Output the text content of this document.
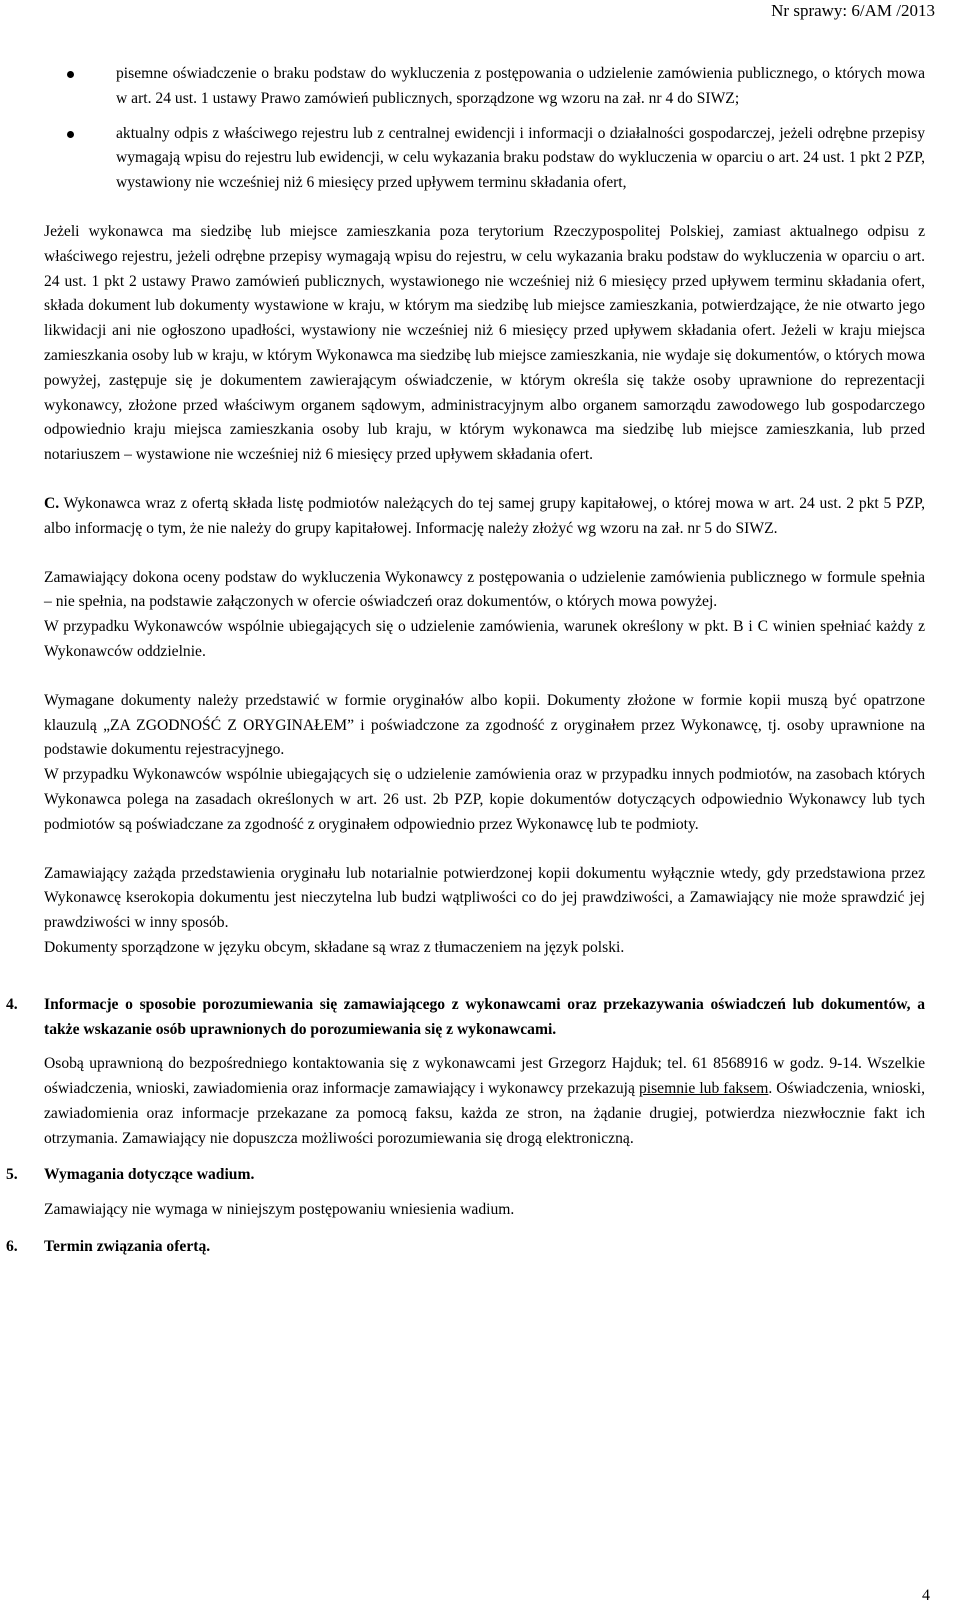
Nr sprawy: 6/AM /2013

pisemne oświadczenie o braku podstaw do wykluczenia z postępowania o udzielenie zamówienia publicznego, o których mowa w art. 24 ust. 1 ustawy Prawo zamówień publicznych, sporządzone wg wzoru na zał. nr 4 do SIWZ;

aktualny odpis z właściwego rejestru lub z centralnej ewidencji i informacji o działalności gospodarczej, jeżeli odrębne przepisy wymagają wpisu do rejestru lub ewidencji, w celu wykazania braku podstaw do wykluczenia w oparciu o art. 24 ust. 1 pkt 2 PZP, wystawiony nie wcześniej niż 6 miesięcy przed upływem terminu składania ofert,

Jeżeli wykonawca ma siedzibę lub miejsce zamieszkania poza terytorium Rzeczypospolitej Polskiej, zamiast aktualnego odpisu z właściwego rejestru, jeżeli odrębne przepisy wymagają wpisu do rejestru, w celu wykazania braku podstaw do wykluczenia w oparciu o art. 24 ust. 1 pkt 2 ustawy Prawo zamówień publicznych, wystawionego nie wcześniej niż 6 miesięcy przed upływem terminu składania ofert, składa dokument lub dokumenty wystawione w kraju, w którym ma siedzibę lub miejsce zamieszkania, potwierdzające, że nie otwarto jego likwidacji ani nie ogłoszono upadłości, wystawiony nie wcześniej niż 6 miesięcy przed upływem składania ofert. Jeżeli w kraju miejsca zamieszkania osoby lub w kraju, w którym Wykonawca ma siedzibę lub miejsce zamieszkania, nie wydaje się dokumentów, o których mowa powyżej, zastępuje się je dokumentem zawierającym oświadczenie, w którym określa się także osoby uprawnione do reprezentacji wykonawcy, złożone przed właściwym organem sądowym, administracyjnym albo organem samorządu zawodowego lub gospodarczego odpowiednio kraju miejsca zamieszkania osoby lub kraju, w którym wykonawca ma siedzibę lub miejsce zamieszkania, lub przed notariuszem – wystawione nie wcześniej niż 6 miesięcy przed upływem składania ofert.

C. Wykonawca wraz z ofertą składa listę podmiotów należących do tej samej grupy kapitałowej, o której mowa w art. 24 ust. 2 pkt 5 PZP, albo informację o tym, że nie należy do grupy kapitałowej. Informację należy złożyć wg wzoru na zał. nr 5 do SIWZ.

Zamawiający dokona oceny podstaw do wykluczenia Wykonawcy z postępowania o udzielenie zamówienia publicznego w formule spełnia – nie spełnia, na podstawie załączonych w ofercie oświadczeń oraz dokumentów, o których mowa powyżej.

W przypadku Wykonawców wspólnie ubiegających się o udzielenie zamówienia, warunek określony w pkt. B i C winien spełniać każdy z Wykonawców oddzielnie.

Wymagane dokumenty należy przedstawić w formie oryginałów albo kopii. Dokumenty złożone w formie kopii muszą być opatrzone klauzulą „ZA ZGODNOŚĆ Z ORYGINAŁEM” i poświadczone za zgodność z oryginałem przez Wykonawcę, tj. osoby uprawnione na podstawie dokumentu rejestracyjnego.

W przypadku Wykonawców wspólnie ubiegających się o udzielenie zamówienia oraz w przypadku innych podmiotów, na zasobach których Wykonawca polega na zasadach określonych w art. 26 ust. 2b PZP, kopie dokumentów dotyczących odpowiednio Wykonawcy lub tych podmiotów są poświadczane za zgodność z oryginałem odpowiednio przez Wykonawcę lub te podmioty.

Zamawiający zażąda przedstawienia oryginału lub notarialnie potwierdzonej kopii dokumentu wyłącznie wtedy, gdy przedstawiona przez Wykonawcę kserokopia dokumentu jest nieczytelna lub budzi wątpliwości co do jej prawdziwości, a Zamawiający nie może sprawdzić jej prawdziwości w inny sposób.

Dokumenty sporządzone w języku obcym, składane są wraz z tłumaczeniem na język polski.

4. Informacje o sposobie porozumiewania się zamawiającego z wykonawcami oraz przekazywania oświadczeń lub dokumentów, a także wskazanie osób uprawnionych do porozumiewania się z wykonawcami.

Osobą uprawnioną do bezpośredniego kontaktowania się z wykonawcami jest Grzegorz Hajduk; tel. 61 8568916 w godz. 9-14. Wszelkie oświadczenia, wnioski, zawiadomienia oraz informacje zamawiający i wykonawcy przekazują pisemnie lub faksem. Oświadczenia, wnioski, zawiadomienia oraz informacje przekazane za pomocą faksu, każda ze stron, na żądanie drugiej, potwierdza niezwłocznie fakt ich otrzymania. Zamawiający nie dopuszcza możliwości porozumiewania się drogą elektroniczną.

5. Wymagania dotyczące wadium.

Zamawiający nie wymaga w niniejszym postępowaniu wniesienia wadium.

6. Termin związania ofertą.

4
